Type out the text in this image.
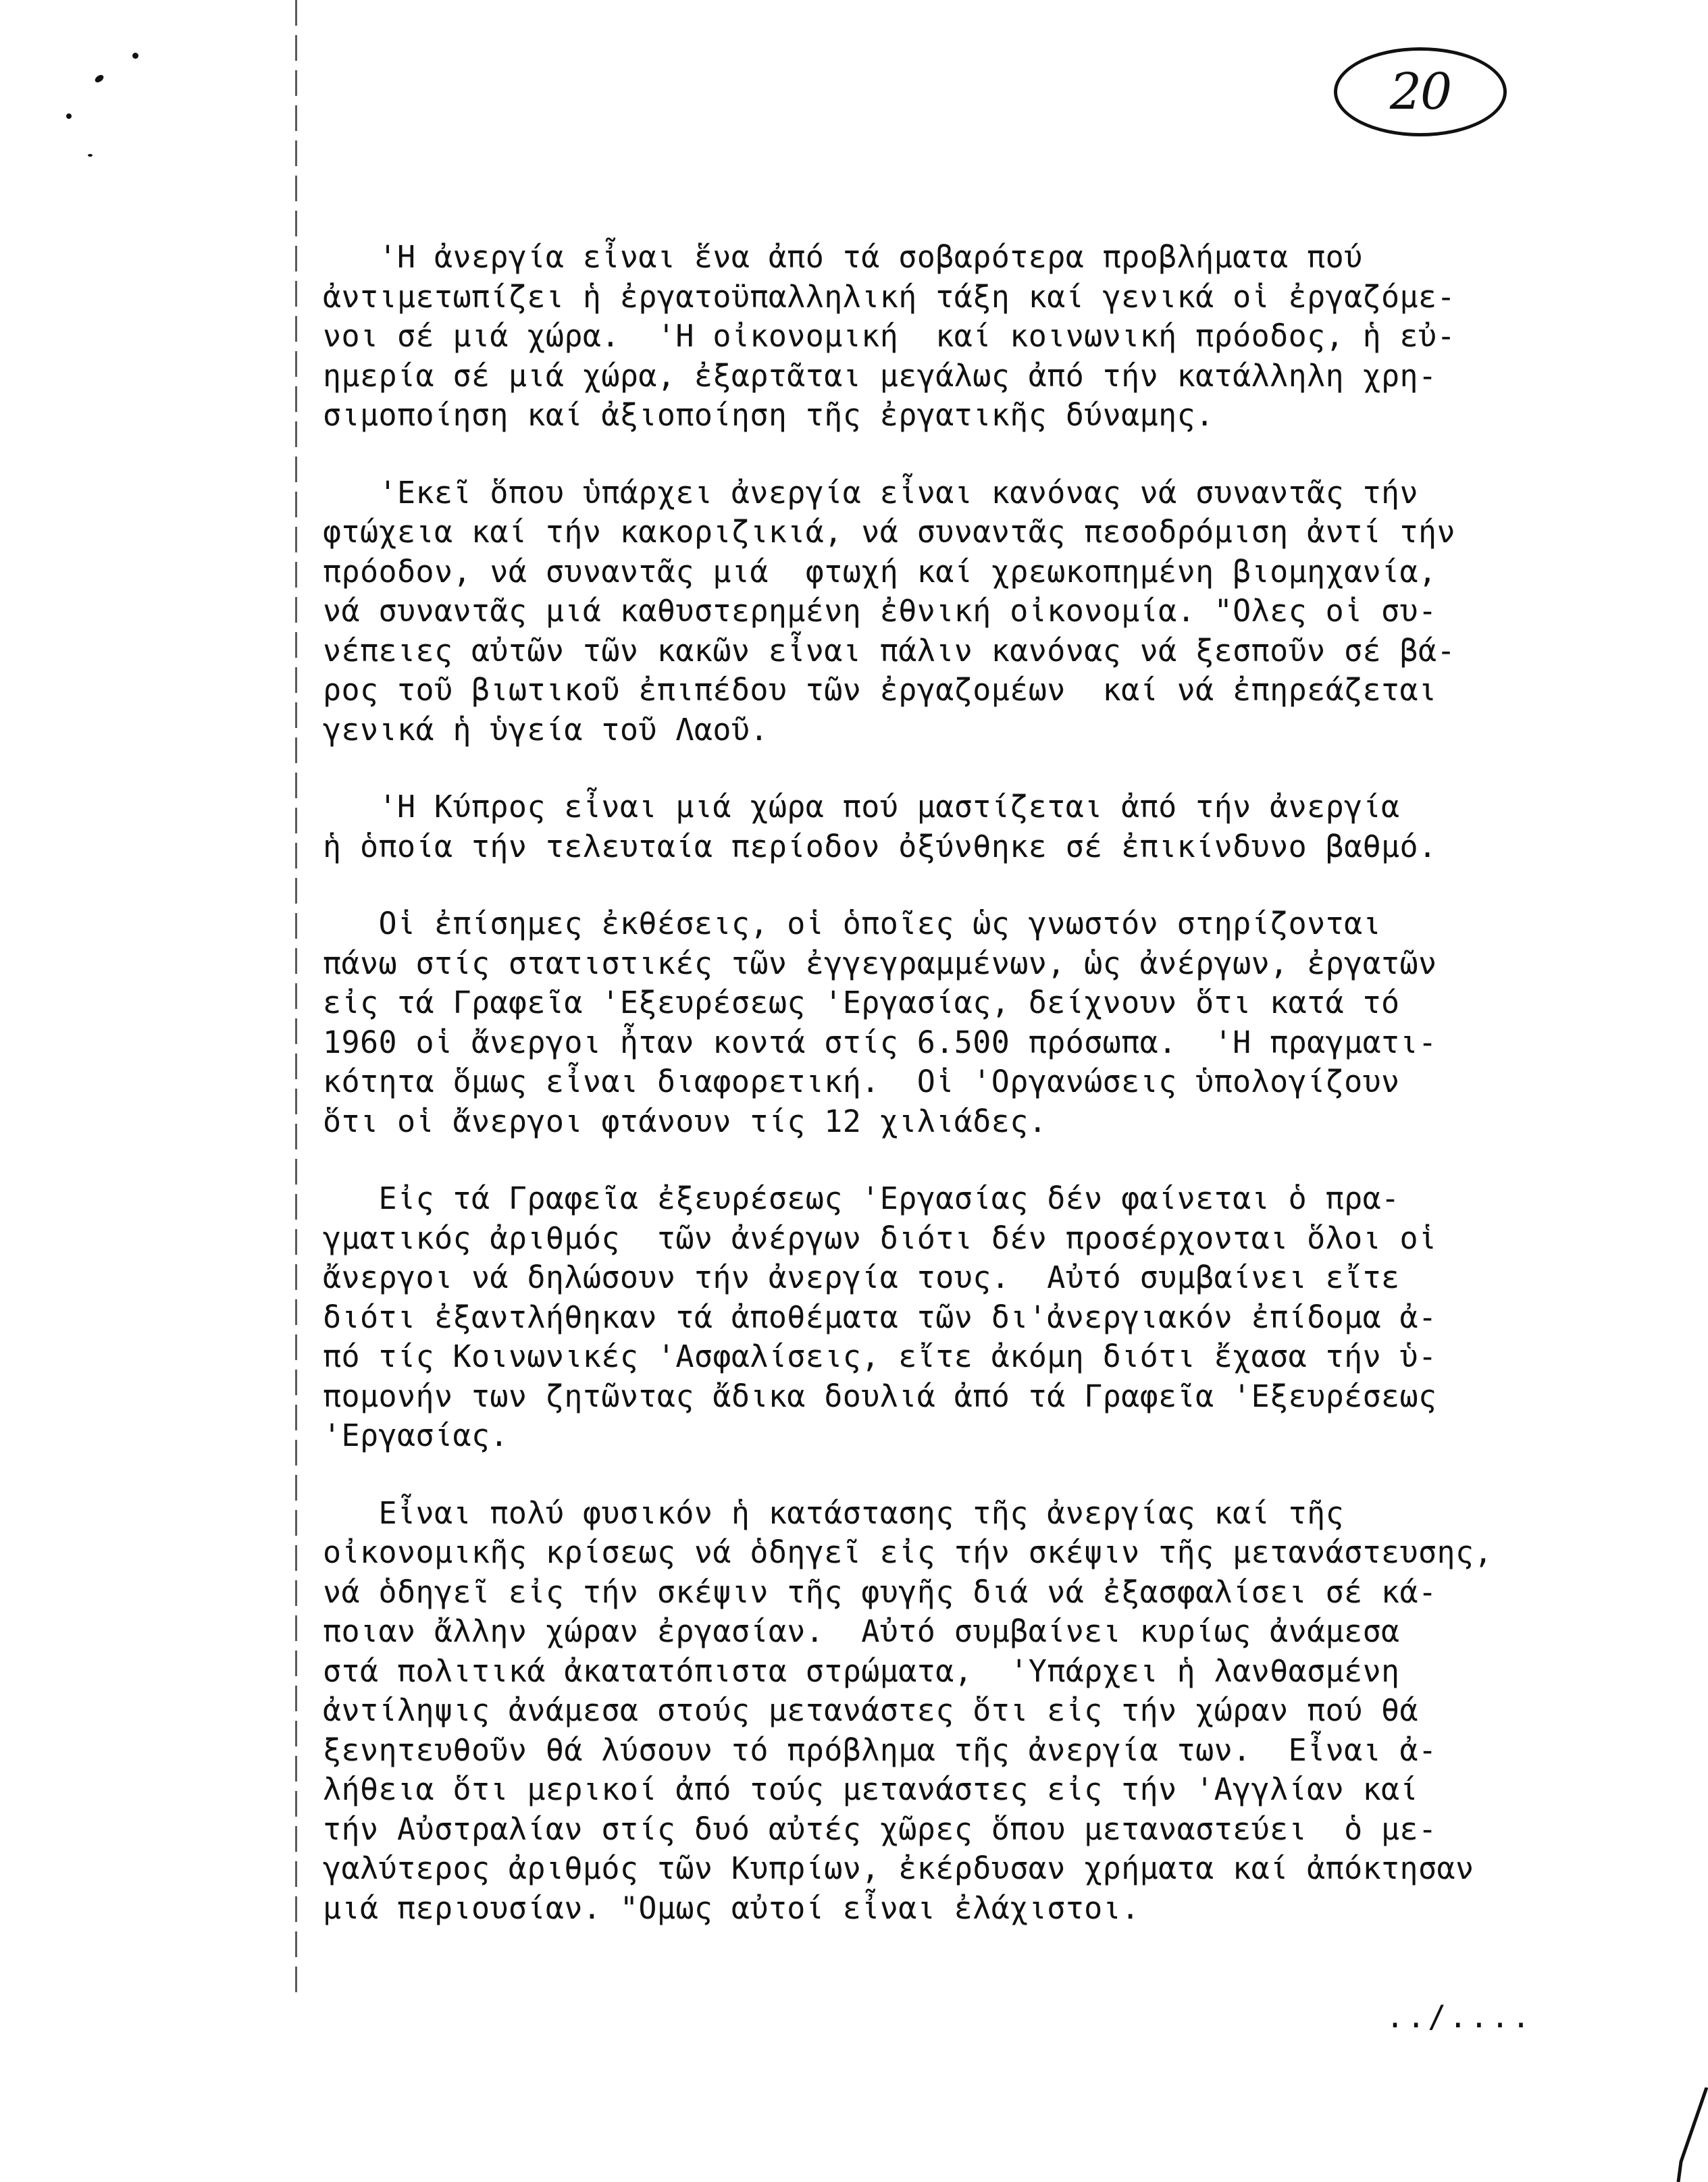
20

'Η ἀνεργία εἶναι ἕνα ἀπό τά σοβαρότερα προβλήματα πού
ἀντιμετωπίζει ἡ ἐργατοϋπαλληλική τάξη καί γενικά οἱ ἐργαζόμε-
νοι σέ μιά χώρα.  'Η οἰκονομική  καί κοινωνική πρόοδος, ἡ εὐ-
ημερία σέ μιά χώρα, ἐξαρτᾶται μεγάλως ἀπό τήν κατάλληλη χρη-
σιμοποίηση καί ἀξιοποίηση τῆς ἐργατικῆς δύναμης.

'Εκεῖ ὅπου ὑπάρχει ἀνεργία εἶναι κανόνας νά συναντᾶς τήν
φτώχεια καί τήν κακοριζικιά, νά συναντᾶς πεσοδρόμιση ἀντί τήν
πρόοδον, νά συναντᾶς μιά  φτωχή καί χρεωκοπημένη βιομηχανία,
νά συναντᾶς μιά καθυστερημένη ἐθνική οἰκονομία. "Ολες οἱ συ-
νέπειες αὐτῶν τῶν κακῶν εἶναι πάλιν κανόνας νά ξεσποῦν σέ βά-
ρος τοῦ βιωτικοῦ ἐπιπέδου τῶν ἐργαζομέων  καί νά ἐπηρεάζεται
γενικά ἡ ὑγεία τοῦ Λαοῦ.

'Η Κύπρος εἶναι μιά χώρα πού μαστίζεται ἀπό τήν ἀνεργία
ἡ ὁποία τήν τελευταία περίοδον ὀξύνθηκε σέ ἐπικίνδυνο βαθμό.

Οἱ ἐπίσημες ἐκθέσεις, οἱ ὁποῖες ὡς γνωστόν στηρίζονται
πάνω στίς στατιστικές τῶν ἐγγεγραμμένων, ὡς ἀνέργων, ἐργατῶν
εἰς τά Γραφεῖα 'Εξευρέσεως 'Εργασίας, δείχνουν ὅτι κατά τό
1960 οἱ ἄνεργοι ἦταν κοντά στίς 6.500 πρόσωπα.  'Η πραγματι-
κότητα ὅμως εἶναι διαφορετική.  Οἱ 'Οργανώσεις ὑπολογίζουν
ὅτι οἱ ἄνεργοι φτάνουν τίς 12 χιλιάδες.

Εἰς τά Γραφεῖα ἐξευρέσεως 'Εργασίας δέν φαίνεται ὁ πρα-
γματικός ἀριθμός  τῶν ἀνέργων διότι δέν προσέρχονται ὅλοι οἱ
ἄνεργοι νά δηλώσουν τήν ἀνεργία τους.  Αὐτό συμβαίνει εἴτε
διότι ἐξαντλήθηκαν τά ἀποθέματα τῶν δι'ἀνεργιακόν ἐπίδομα ἀ-
πό τίς Κοινωνικές 'Ασφαλίσεις, εἴτε ἀκόμη διότι ἔχασα τήν ὑ-
πομονήν των ζητῶντας ἄδικα δουλιά ἀπό τά Γραφεῖα 'Εξευρέσεως
'Εργασίας.

Εἶναι πολύ φυσικόν ἡ κατάστασης τῆς ἀνεργίας καί τῆς
οἰκονομικῆς κρίσεως νά ὁδηγεῖ εἰς τήν σκέψιν τῆς μετανάστευσης,
νά ὁδηγεῖ εἰς τήν σκέψιν τῆς φυγῆς διά νά ἐξασφαλίσει σέ κά-
ποιαν ἄλλην χώραν ἐργασίαν.  Αὐτό συμβαίνει κυρίως ἀνάμεσα
στά πολιτικά ἀκατατόπιστα στρώματα,  'Υπάρχει ἡ λανθασμένη
ἀντίληψις ἀνάμεσα στούς μετανάστες ὅτι εἰς τήν χώραν πού θά
ξενητευθοῦν θά λύσουν τό πρόβλημα τῆς ἀνεργία των.  Εἶναι ἀ-
λήθεια ὅτι μερικοί ἀπό τούς μετανάστες εἰς τήν 'Αγγλίαν καί
τήν Αὐστραλίαν στίς δυό αὐτές χῶρες ὅπου μεταναστεύει  ὁ με-
γαλύτερος ἀριθμός τῶν Κυπρίων, ἐκέρδυσαν χρήματα καί ἀπόκτησαν
μιά περιουσίαν. "Ομως αὐτοί εἶναι ἐλάχιστοι.

../....
